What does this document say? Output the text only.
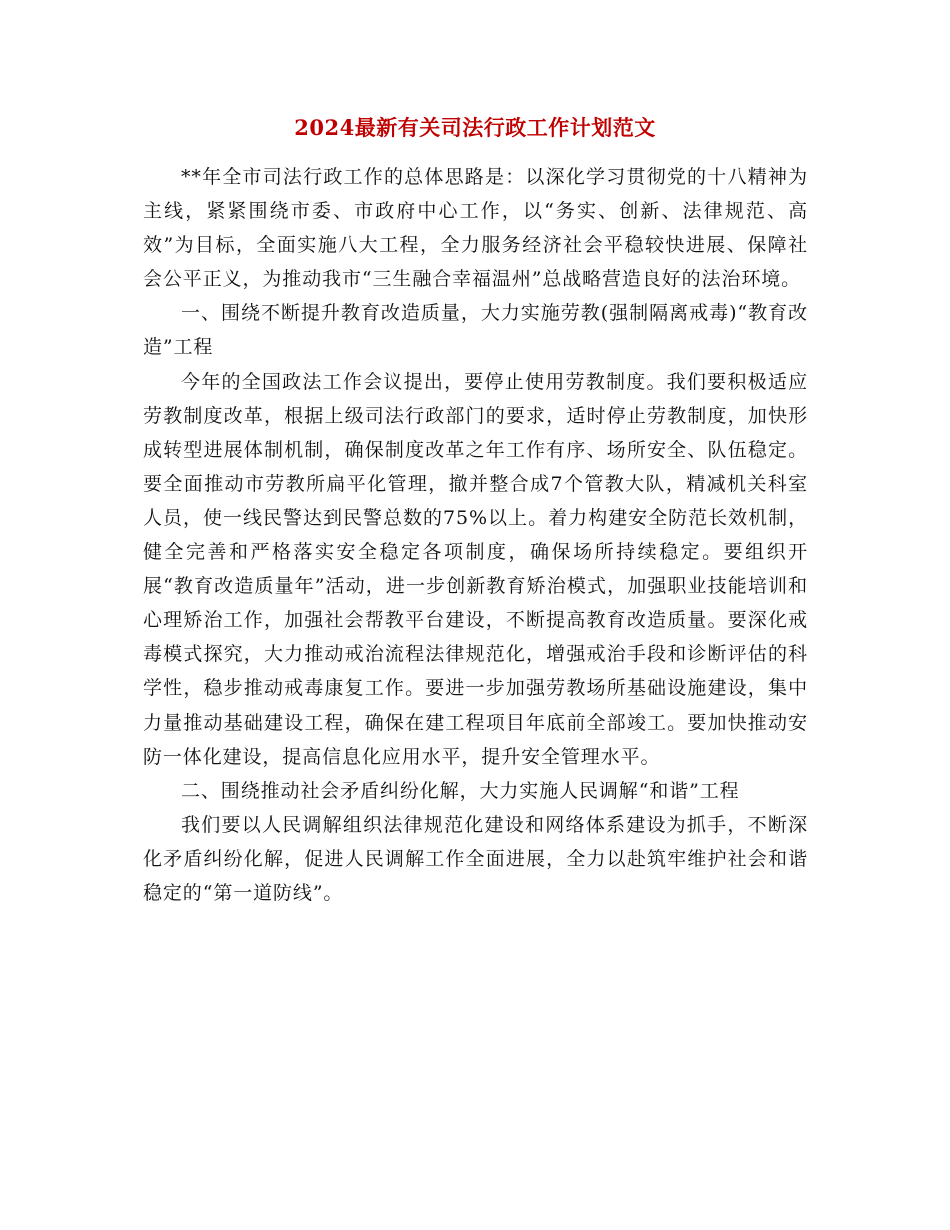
2024最新有关司法行政工作计划范文

**年全市司法行政工作的总体思路是：以深化学习贯彻党的十八精神为主线，紧紧围绕市委、市政府中心工作，以“务实、创新、法律规范、高效”为目标，全面实施八大工程，全力服务经济社会平稳较快进展、保障社会公平正义，为推动我市“三生融合幸福温州”总战略营造良好的法治环境。

一、围绕不断提升教育改造质量，大力实施劳教(强制隔离戒毒)“教育改造”工程

今年的全国政法工作会议提出，要停止使用劳教制度。我们要积极适应劳教制度改革，根据上级司法行政部门的要求，适时停止劳教制度，加快形成转型进展体制机制，确保制度改革之年工作有序、场所安全、队伍稳定。要全面推动市劳教所扁平化管理，撤并整合成7个管教大队，精减机关科室人员，使一线民警达到民警总数的75%以上。着力构建安全防范长效机制，健全完善和严格落实安全稳定各项制度，确保场所持续稳定。要组织开展“教育改造质量年”活动，进一步创新教育矫治模式，加强职业技能培训和心理矫治工作，加强社会帮教平台建设，不断提高教育改造质量。要深化戒毒模式探究，大力推动戒治流程法律规范化，增强戒治手段和诊断评估的科学性，稳步推动戒毒康复工作。要进一步加强劳教场所基础设施建设，集中力量推动基础建设工程，确保在建工程项目年底前全部竣工。要加快推动安防一体化建设，提高信息化应用水平，提升安全管理水平。

二、围绕推动社会矛盾纠纷化解，大力实施人民调解“和谐”工程

我们要以人民调解组织法律规范化建设和网络体系建设为抓手，不断深化矛盾纠纷化解，促进人民调解工作全面进展，全力以赴筑牢维护社会和谐稳定的“第一道防线”。
